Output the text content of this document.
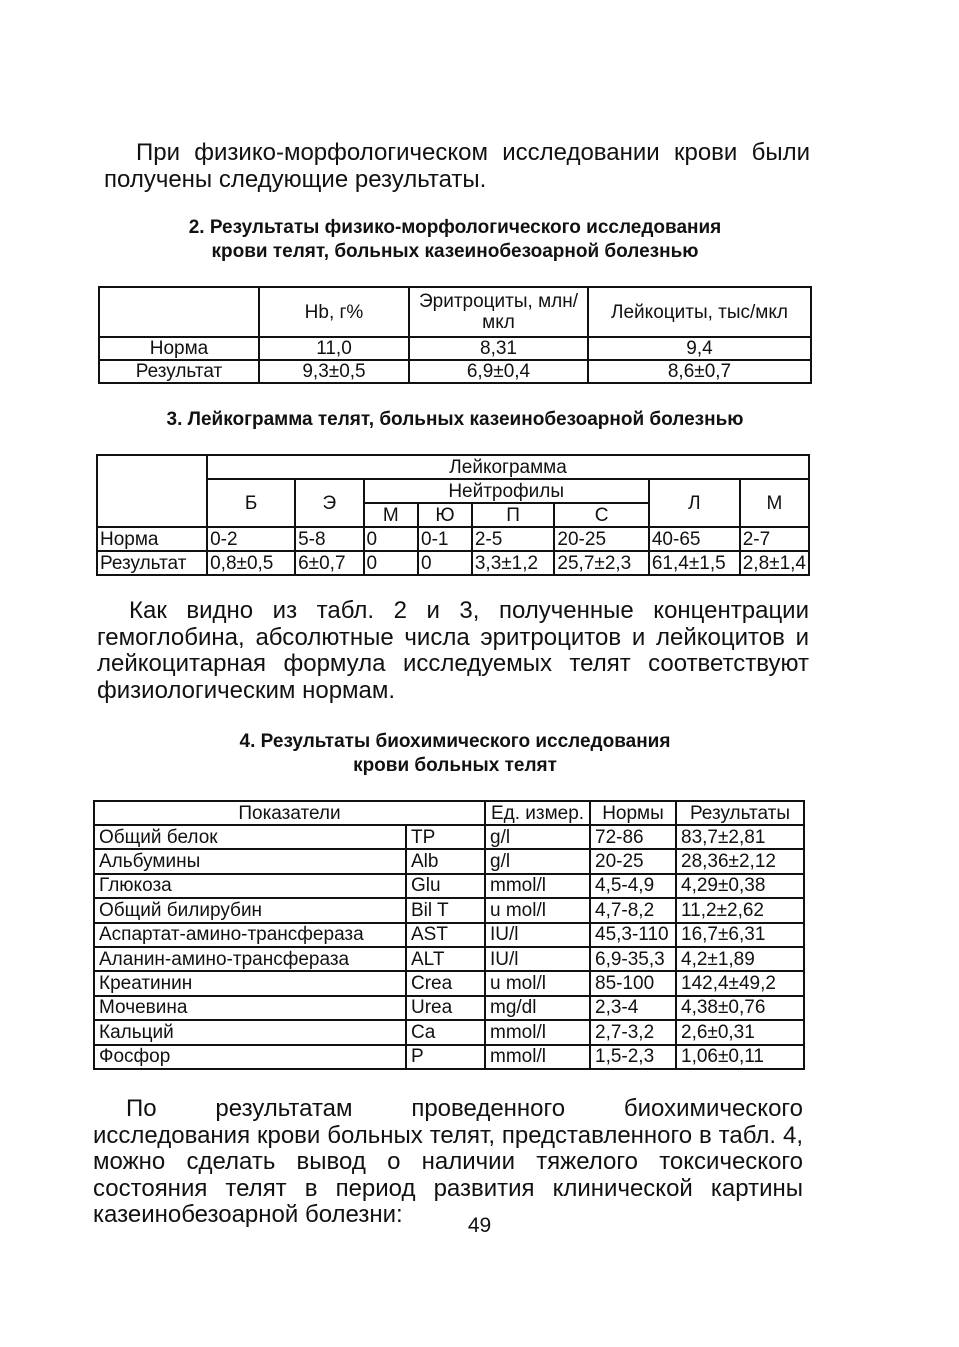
При физико-морфологическом исследовании крови были получены следующие результаты.

2. Результаты физико-морфологического исследования
крови телят, больных казеинобезоарной болезнью

	Hb, г%	Эритроциты, млн/мкл	Лейкоциты, тыс/мкл
Норма	11,0	8,31	9,4
Результат	9,3±0,5	6,9±0,4	8,6±0,7

3. Лейкограмма телят, больных казеинобезоарной болезнью

	Лейкограмма							
	Б	Э	Нейтрофилы				Л	М
			М	Ю	П	С		
Норма	0-2	5-8	0	0-1	2-5	20-25	40-65	2-7
Результат	0,8±0,5	6±0,7	0	0	3,3±1,2	25,7±2,3	61,4±1,5	2,8±1,4

Как видно из табл. 2 и 3, полученные концентрации гемоглобина, абсолютные числа эритроцитов и лейкоцитов и лейкоцитарная формула исследуемых телят соответствуют физиологическим нормам.

4. Результаты биохимического исследования
крови больных телят

Показатели		Ед. измер.	Нормы	Результаты
Общий белок	TP	g/l	72-86	83,7±2,81
Альбумины	Alb	g/l	20-25	28,36±2,12
Глюкоза	Glu	mmol/l	4,5-4,9	4,29±0,38
Общий билирубин	Bil T	u mol/l	4,7-8,2	11,2±2,62
Аспартат-амино-трансфераза	AST	IU/l	45,3-110	16,7±6,31
Аланин-амино-трансфераза	ALT	IU/l	6,9-35,3	4,2±1,89
Креатинин	Crea	u mol/l	85-100	142,4±49,2
Мочевина	Urea	mg/dl	2,3-4	4,38±0,76
Кальций	Ca	mmol/l	2,7-3,2	2,6±0,31
Фосфор	P	mmol/l	1,5-2,3	1,06±0,11

По результатам проведенного биохимического исследования крови больных телят, представленного в табл. 4, можно сделать вывод о наличии тяжелого токсического состояния телят в период развития клинической картины казеинобезоарной болезни:	49
